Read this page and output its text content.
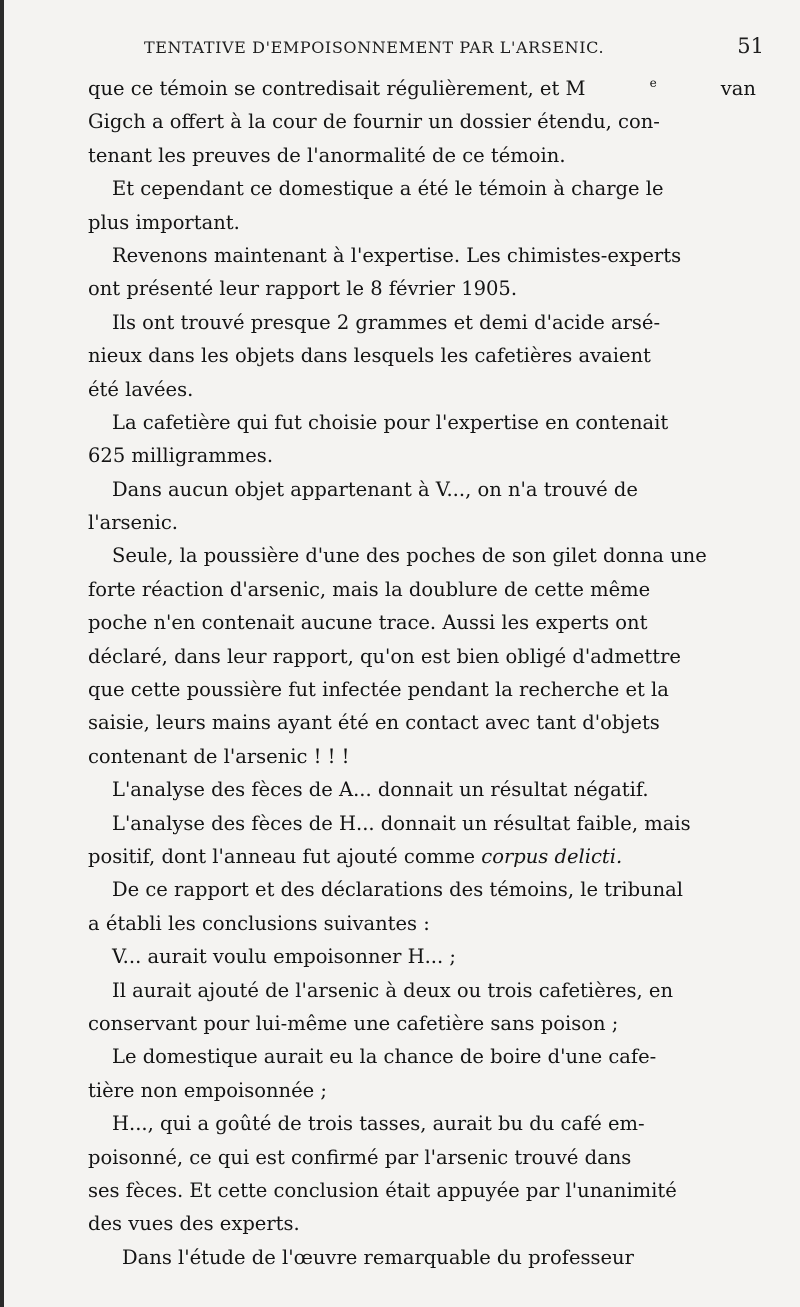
TENTATIVE D'EMPOISONNEMENT PAR L'ARSENIC.	51
que ce témoin se contredisait régulièrement, et M	$^e$	van
Gigch a offert à la cour de fournir un dossier étendu, con-
tenant les preuves de l'anormalité de ce témoin.
Et cependant ce domestique a été le témoin à charge le
plus important.
Revenons maintenant à l'expertise. Les chimistes-experts
ont présenté leur rapport le 8 février 1905.
Ils ont trouvé presque 2 grammes et demi d'acide arsé-
nieux dans les objets dans lesquels les cafetières avaient
été lavées.
La cafetière qui fut choisie pour l'expertise en contenait
625 milligrammes.
Dans aucun objet appartenant à V..., on n'a trouvé de
l'arsenic.
Seule, la poussière d'une des poches de son gilet donna une
forte réaction d'arsenic, mais la doublure de cette même
poche n'en contenait aucune trace. Aussi les experts ont
déclaré, dans leur rapport, qu'on est bien obligé d'admettre
que cette poussière fut infectée pendant la recherche et la
saisie, leurs mains ayant été en contact avec tant d'objets
contenant de l'arsenic ! ! !
L'analyse des fèces de A... donnait un résultat négatif.
L'analyse des fèces de H... donnait un résultat faible, mais
positif, dont l'anneau fut ajouté comme corpus delicti.
De ce rapport et des déclarations des témoins, le tribunal
a établi les conclusions suivantes :
V... aurait voulu empoisonner H... ;
Il aurait ajouté de l'arsenic à deux ou trois cafetières, en
conservant pour lui-même une cafetière sans poison ;
Le domestique aurait eu la chance de boire d'une cafe-
tière non empoisonnée ;
H..., qui a goûté de trois tasses, aurait bu du café em-
poisonné, ce qui est confirmé par l'arsenic trouvé dans
ses fèces. Et cette conclusion était appuyée par l'unanimité
des vues des experts.
Dans l'étude de l'œuvre remarquable du professeur
